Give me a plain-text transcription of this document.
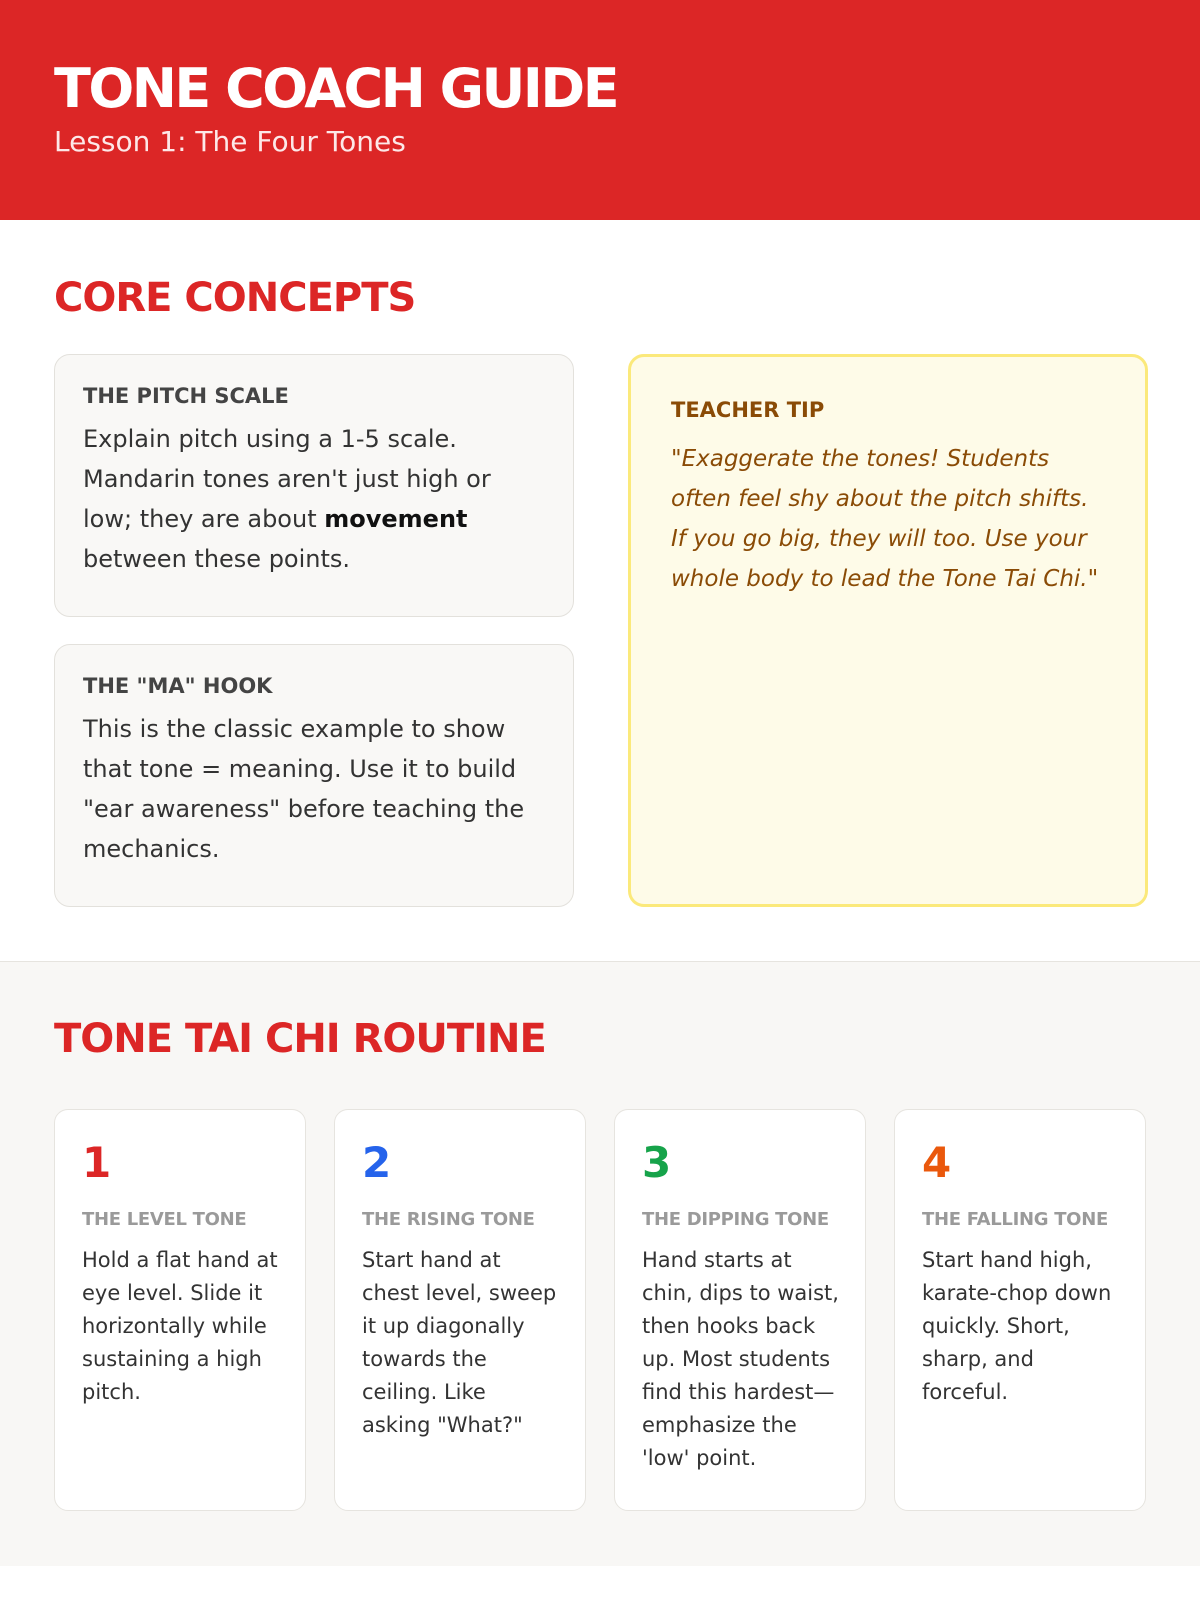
TONE COACH GUIDE
Lesson 1: The Four Tones
CORE CONCEPTS
THE PITCH SCALE
Explain pitch using a 1-5 scale. Mandarin tones aren't just high or low; they are about movement between these points.
THE "MA" HOOK
This is the classic example to show that tone = meaning. Use it to build "ear awareness" before teaching the mechanics.
TEACHER TIP
"Exaggerate the tones! Students often feel shy about the pitch shifts. If you go big, they will too. Use your whole body to lead the Tone Tai Chi."
TONE TAI CHI ROUTINE
1
THE LEVEL TONE
Hold a flat hand at eye level. Slide it horizontally while sustaining a high pitch.
2
THE RISING TONE
Start hand at chest level, sweep it up diagonally towards the ceiling. Like asking "What?"
3
THE DIPPING TONE
Hand starts at chin, dips to waist, then hooks back up. Most students find this hardest—emphasize the 'low' point.
4
THE FALLING TONE
Start hand high, karate-chop down quickly. Short, sharp, and forceful.
